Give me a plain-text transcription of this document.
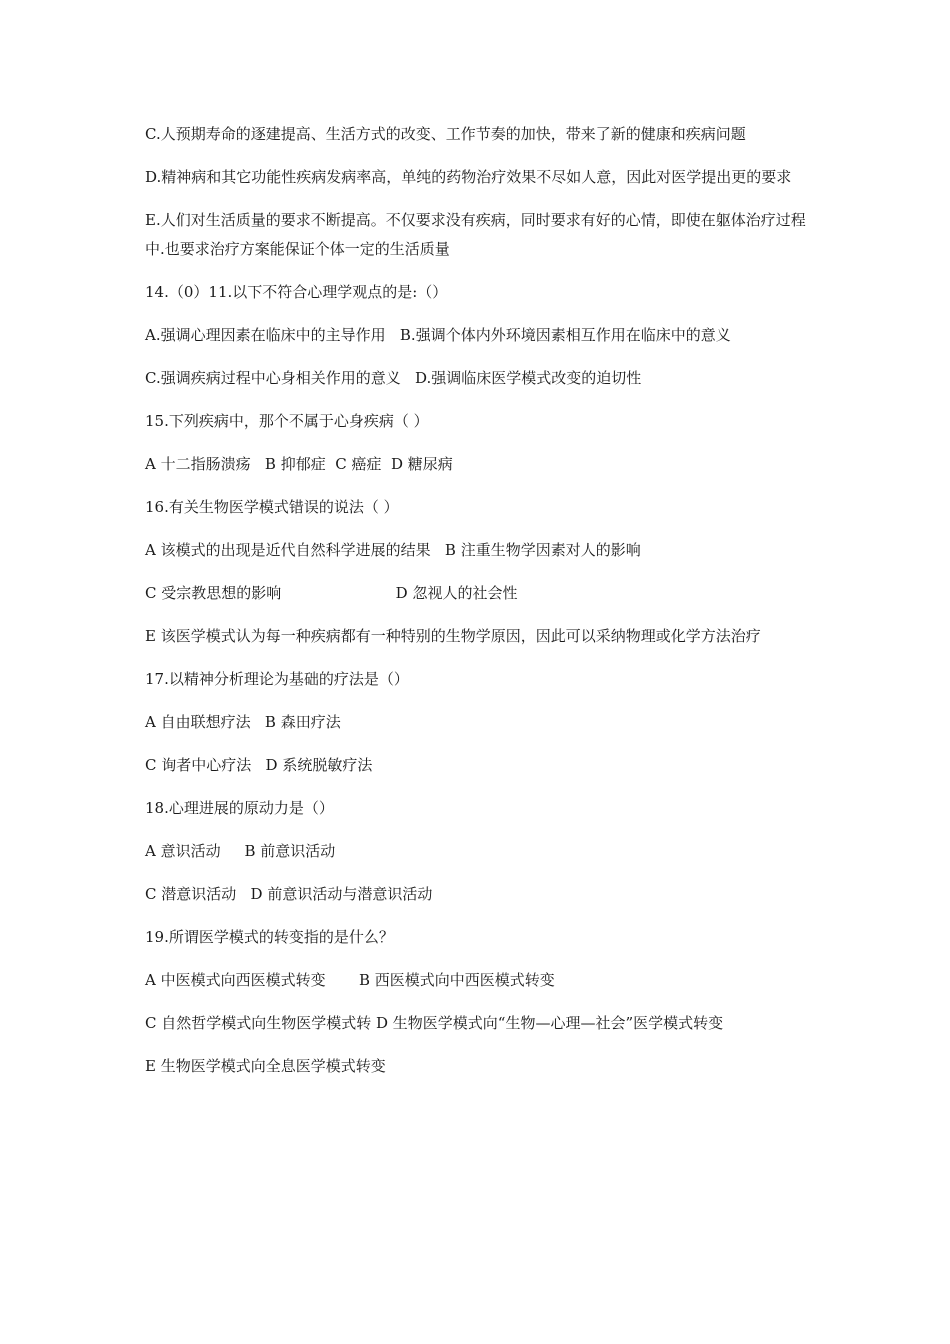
C.人预期寿命的逐建提高、生活方式的改变、工作节奏的加快，带来了新的健康和疾病问题

D.精神病和其它功能性疾病发病率高，单纯的药物治疗效果不尽如人意，因此对医学提出更的要求

E.人们对生活质量的要求不断提高。不仅要求没有疾病，同时要求有好的心情，即使在躯体治疗过程中.也要求治疗方案能保证个体一定的生活质量

14.（0）11.以下不符合心理学观点的是:（）

A.强调心理因素在临床中的主导作用   B.强调个体内外环境因素相互作用在临床中的意义

C.强调疾病过程中心身相关作用的意义   D.强调临床医学模式改变的迫切性

15.下列疾病中，那个不属于心身疾病（ ）

A 十二指肠溃疡   B 抑郁症  C 癌症  D 糖尿病

16.有关生物医学模式错误的说法（ ）

A 该模式的出现是近代自然科学进展的结果   B 注重生物学因素对人的影响

C 受宗教思想的影响                        D 忽视人的社会性

E 该医学模式认为每一种疾病都有一种特别的生物学原因，因此可以采纳物理或化学方法治疗

17.以精神分析理论为基础的疗法是（）

A 自由联想疗法   B 森田疗法

C 询者中心疗法   D 系统脱敏疗法

18.心理进展的原动力是（）

A 意识活动     B 前意识活动

C 潜意识活动   D 前意识活动与潜意识活动

19.所谓医学模式的转变指的是什么？

A 中医模式向西医模式转变       B 西医模式向中西医模式转变

C 自然哲学模式向生物医学模式转 D 生物医学模式向“生物—心理—社会”医学模式转变

E 生物医学模式向全息医学模式转变
